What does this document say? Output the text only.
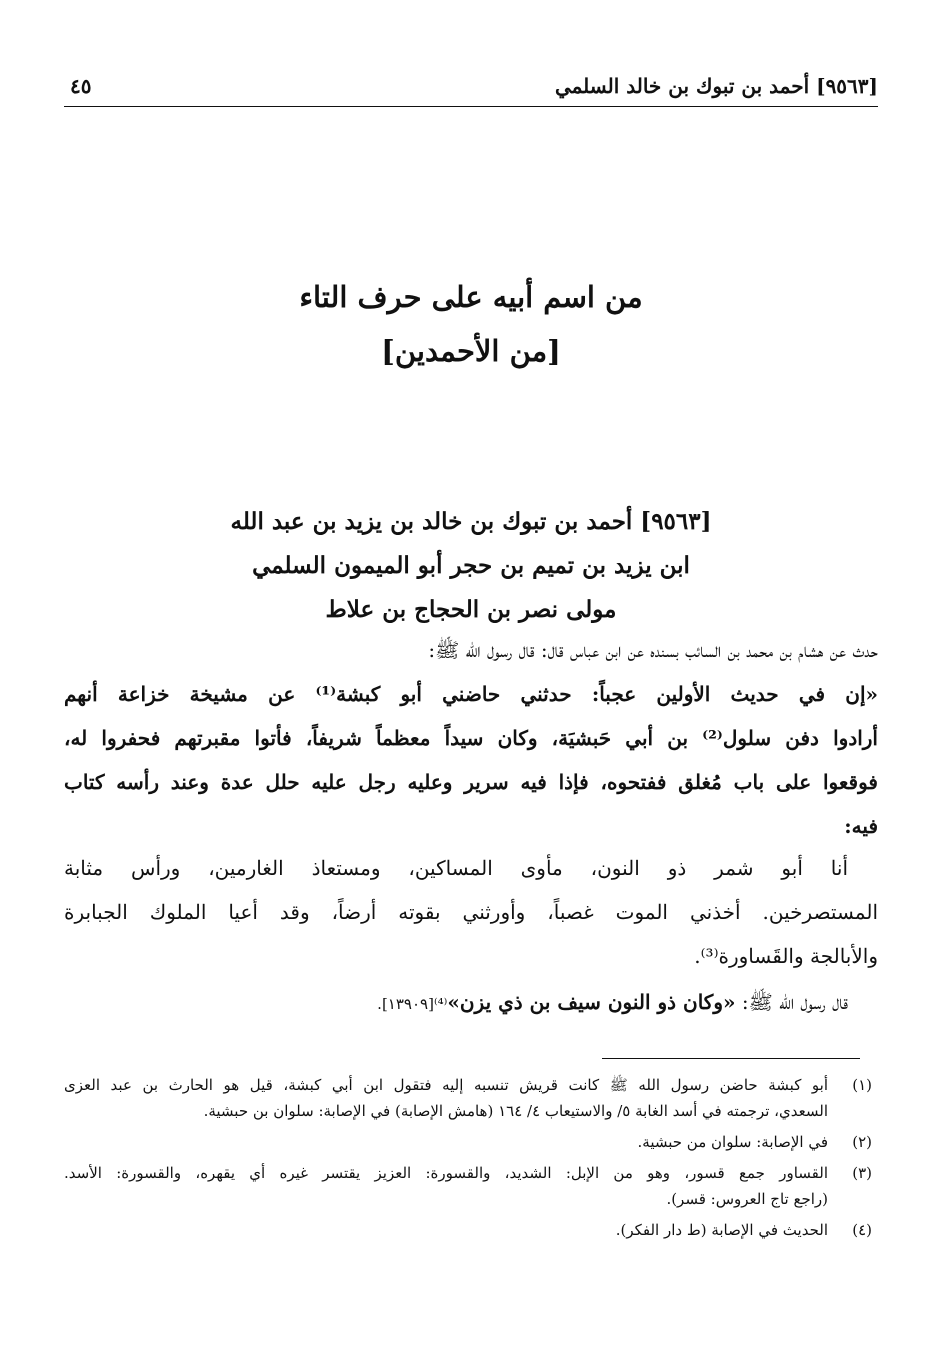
[٩٥٦٣] أحمد بن تبوك بن خالد السلمي
٤٥
من اسم أبيه على حرف التاء
[من الأحمدين]
[٩٥٦٣] أحمد بن تبوك بن خالد بن يزيد بن عبد الله
ابن يزيد بن تميم بن حجر أبو الميمون السلمي
مولى نصر بن الحجاج بن علاط
حدث عن هشام بن محمد بن السائب بسنده عن ابن عباس قال: قال رسول الله ﷺ:
«إن في حديث الأولين عجباً: حدثني حاضني أبو كبشة⁽¹⁾ عن مشيخة خزاعة أنهم
أرادوا دفن سلول⁽²⁾ بن أبي حَبشيَة، وكان سيداً معظماً شريفاً، فأتوا مقبرتهم فحفروا له،
فوقعوا على باب مُغلق ففتحوه، فإذا فيه سرير وعليه رجل عليه حلل عدة وعند رأسه كتاب
فيه:
أنا أبو شمر ذو النون، مأوى المساكين، ومستعاذ الغارمين، ورأس مثابة
المستصرخين. أخذني الموت غصباً، وأورثني بقوته أرضاً، وقد أعيا الملوك الجبابرة
والأبالجة والقَساورة⁽³⁾.
قال رسول الله ﷺ: «وكان ذو النون سيف بن ذي يزن»⁽⁴⁾[١٣٩٠٩].
(١)
أبو كبشة حاضن رسول الله ﷺ كانت قريش تنسبه إليه فتقول ابن أبي كبشة، قيل هو الحارث بن عبد العزى
السعدي، ترجمته في أسد الغابة ٥/ والاستيعاب ٤/ ١٦٤ (هامش الإصابة) في الإصابة: سلوان بن حبشية.
(٢)
في الإصابة: سلوان من حبشية.
(٣)
القساور جمع قسور، وهو من الإبل: الشديد، والقسورة: العزيز يقتسر غيره أي يقهره، والقسورة: الأسد.
(راجع تاج العروس: قسر).
(٤)
الحديث في الإصابة (ط دار الفكر).
